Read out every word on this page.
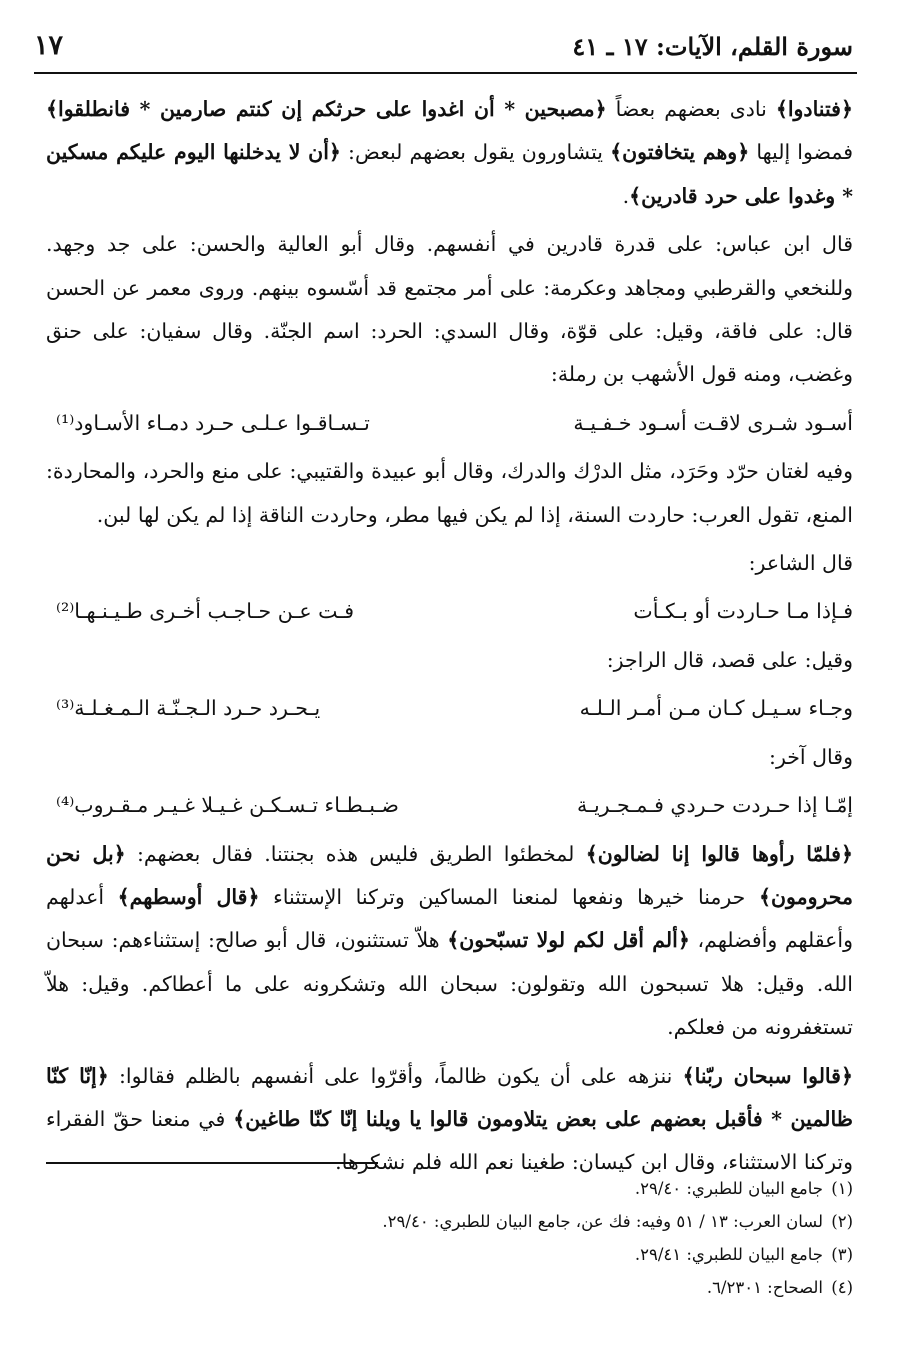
سورة القلم، الآيات: ١٧ ـ ٤١
١٧

﴿فتنادوا﴾ نادى بعضهم بعضاً ﴿مصبحين * أن اغدوا على حرثكم إن كنتم صارمين * فانطلقوا﴾ فمضوا إليها ﴿وهم يتخافتون﴾ يتشاورون يقول بعضهم لبعض: ﴿أن لا يدخلنها اليوم عليكم مسكين * وغدوا على حرد قادرين﴾.

قال ابن عباس: على قدرة قادرين في أنفسهم. وقال أبو العالية والحسن: على جد وجهد. وللنخعي والقرطبي ومجاهد وعكرمة: على أمر مجتمع قد أسّسوه بينهم. وروى معمر عن الحسن قال: على فاقة، وقيل: على قوّة، وقال السدي: الحرد: اسم الجنّة. وقال سفيان: على حنق وغضب، ومنه قول الأشهب بن رملة:

أسـود شـرى لاقـت أسـود خـفـيـة
تـسـاقـوا عـلـى حـرد دمـاء الأسـاود⁽¹⁾

وفيه لغتان حرّد وحَرَد، مثل الدرْك والدرك، وقال أبو عبيدة والقتيبي: على منع والحرد، والمحاردة: المنع، تقول العرب: حاردت السنة، إذا لم يكن فيها مطر، وحاردت الناقة إذا لم يكن لها لبن.

قال الشاعر:

فـإذا مـا حـاردت أو بـكـأت
فـت عـن حـاجـب أخـرى طـيـنـهـا⁽²⁾

وقيل: على قصد، قال الراجز:

وجـاء سـيـل كـان مـن أمـر الـلـه
يـحـرد حـرد الـجـنّـة الـمـغـلـة⁽³⁾

وقال آخر:

إمّـا إذا حـردت حـردي فـمـجـريـة
ضـبـطـاء تـسـكـن غـيـلا غـيـر مـقـروب⁽⁴⁾

﴿فلمّا رأوها قالوا إنا لضالون﴾ لمخطئوا الطريق فليس هذه بجنتنا. فقال بعضهم: ﴿بل نحن محرومون﴾ حرمنا خيرها ونفعها لمنعنا المساكين وتركنا الإستثناء ﴿قال أوسطهم﴾ أعدلهم وأعقلهم وأفضلهم، ﴿ألم أقل لكم لولا تسبّحون﴾ هلاّ تستثنون، قال أبو صالح: إستثناءهم: سبحان الله. وقيل: هلا تسبحون الله وتقولون: سبحان الله وتشكرونه على ما أعطاكم. وقيل: هلاّ تستغفرونه من فعلكم.

﴿قالوا سبحان ربّنا﴾ ننزهه على أن يكون ظالماً، وأقرّوا على أنفسهم بالظلم فقالوا: ﴿إنّا كنّا ظالمين * فأقبل بعضهم على بعض يتلاومون قالوا يا ويلنا إنّا كنّا طاغين﴾ في منعنا حقّ الفقراء وتركنا الاستثناء، وقال ابن كيسان: طغينا نعم الله فلم نشكرها.

(١)جامع البيان للطبري: ٢٩/٤٠.

(٢)لسان العرب: ١٣ / ٥١ وفيه: فك عن، جامع البيان للطبري: ٢٩/٤٠.

(٣)جامع البيان للطبري: ٢٩/٤١.

(٤)الصحاح: ٦/٢٣٠١.
